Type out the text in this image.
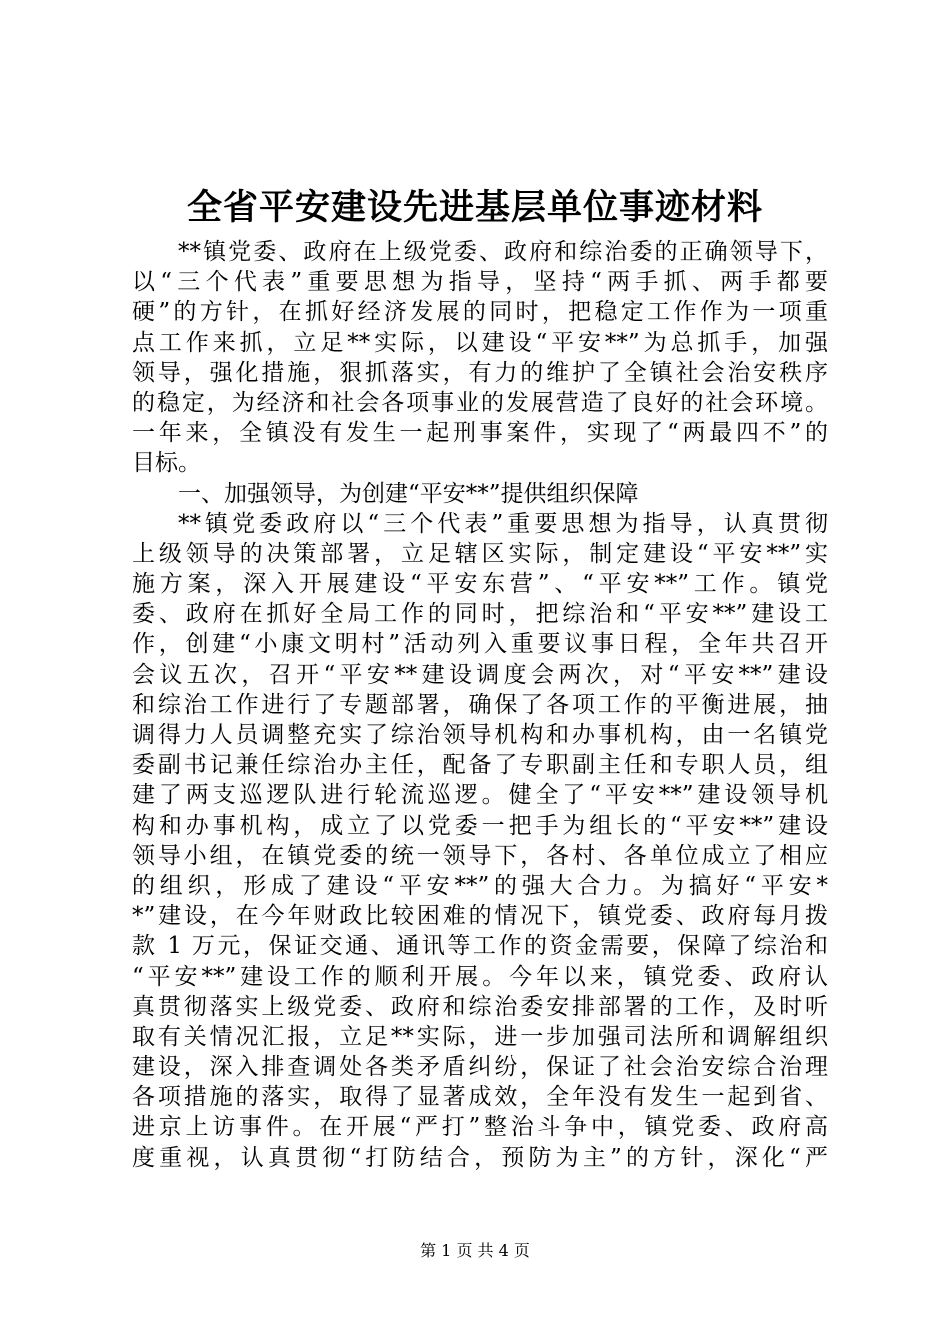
全省平安建设先进基层单位事迹材料
**镇党委、政府在上级党委、政府和综治委的正确领导下，
以“三个代表”重要思想为指导，坚持“两手抓、两手都要
硬”的方针，在抓好经济发展的同时，把稳定工作作为一项重
点工作来抓，立足**实际，以建设“平安**”为总抓手，加强
领导，强化措施，狠抓落实，有力的维护了全镇社会治安秩序
的稳定，为经济和社会各项事业的发展营造了良好的社会环境。
一年来，全镇没有发生一起刑事案件，实现了“两最四不”的
目标。
一、加强领导，为创建“平安**”提供组织保障
**镇党委政府以“三个代表”重要思想为指导，认真贯彻
上级领导的决策部署，立足辖区实际，制定建设“平安**”实
施方案，深入开展建设“平安东营”、“平安**”工作。镇党
委、政府在抓好全局工作的同时，把综治和“平安**”建设工
作，创建“小康文明村”活动列入重要议事日程，全年共召开
会议五次，召开“平安**建设调度会两次，对“平安**”建设
和综治工作进行了专题部署，确保了各项工作的平衡进展，抽
调得力人员调整充实了综治领导机构和办事机构，由一名镇党
委副书记兼任综治办主任，配备了专职副主任和专职人员，组
建了两支巡逻队进行轮流巡逻。健全了“平安**”建设领导机
构和办事机构，成立了以党委一把手为组长的“平安**”建设
领导小组，在镇党委的统一领导下，各村、各单位成立了相应
的组织，形成了建设“平安**”的强大合力。为搞好“平安*
*”建设，在今年财政比较困难的情况下，镇党委、政府每月拨
款 1 万元，保证交通、通讯等工作的资金需要，保障了综治和
“平安**”建设工作的顺利开展。今年以来，镇党委、政府认
真贯彻落实上级党委、政府和综治委安排部署的工作，及时听
取有关情况汇报，立足**实际，进一步加强司法所和调解组织
建设，深入排查调处各类矛盾纠纷，保证了社会治安综合治理
各项措施的落实，取得了显著成效，全年没有发生一起到省、
进京上访事件。在开展“严打”整治斗争中，镇党委、政府高
度重视，认真贯彻“打防结合，预防为主”的方针，深化“严
第 1 页 共 4 页
